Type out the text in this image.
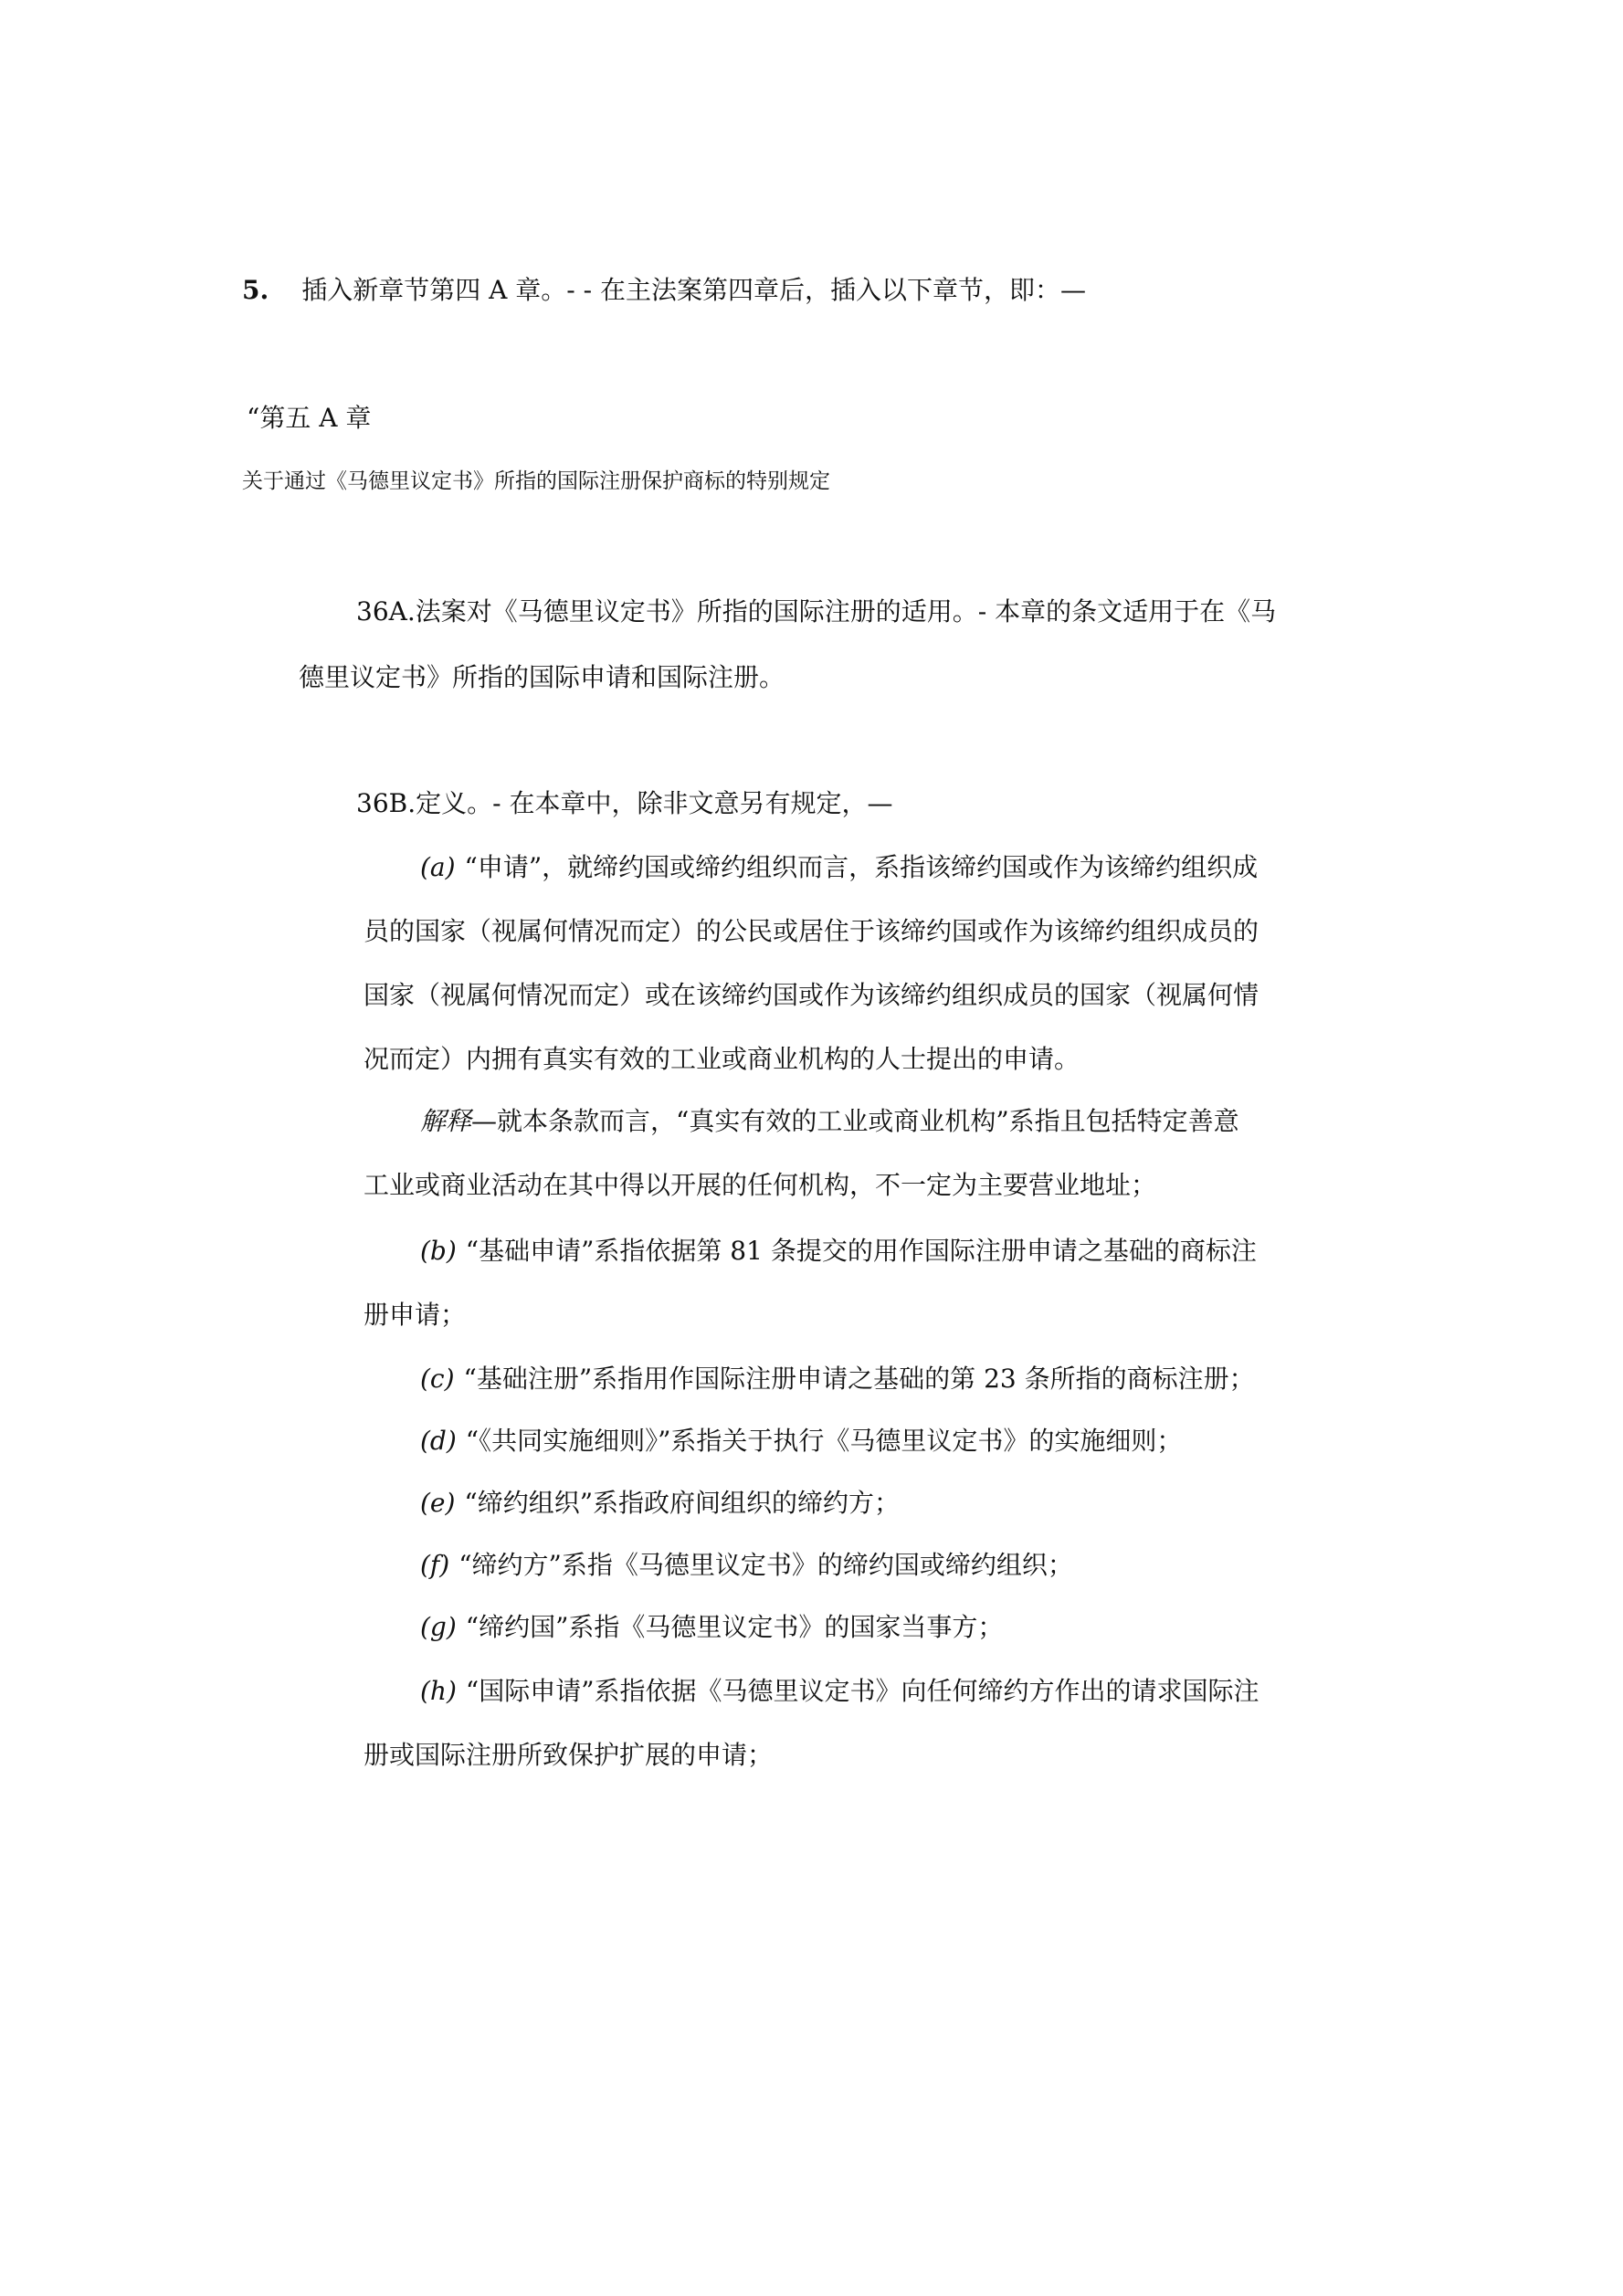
5. 插入新章节第四 A 章。- - 在主法案第四章后，插入以下章节，即：—
“第五 A 章
关于通过《马德里议定书》所指的国际注册保护商标的特别规定
36A.法案对《马德里议定书》所指的国际注册的适用。- 本章的条文适用于在《马
德里议定书》所指的国际申请和国际注册。
36B.定义。- 在本章中，除非文意另有规定，—
(a) “申请”，就缔约国或缔约组织而言，系指该缔约国或作为该缔约组织成
员的国家（视属何情况而定）的公民或居住于该缔约国或作为该缔约组织成员的
国家（视属何情况而定）或在该缔约国或作为该缔约组织成员的国家（视属何情
况而定）内拥有真实有效的工业或商业机构的人士提出的申请。
解释—就本条款而言，“真实有效的工业或商业机构”系指且包括特定善意
工业或商业活动在其中得以开展的任何机构，不一定为主要营业地址；
(b) “基础申请”系指依据第 81 条提交的用作国际注册申请之基础的商标注
册申请；
(c) “基础注册”系指用作国际注册申请之基础的第 23 条所指的商标注册；
(d) “《共同实施细则》”系指关于执行《马德里议定书》的实施细则；
(e) “缔约组织”系指政府间组织的缔约方；
(f) “缔约方”系指《马德里议定书》的缔约国或缔约组织；
(g) “缔约国”系指《马德里议定书》的国家当事方；
(h) “国际申请”系指依据《马德里议定书》向任何缔约方作出的请求国际注
册或国际注册所致保护扩展的申请；
